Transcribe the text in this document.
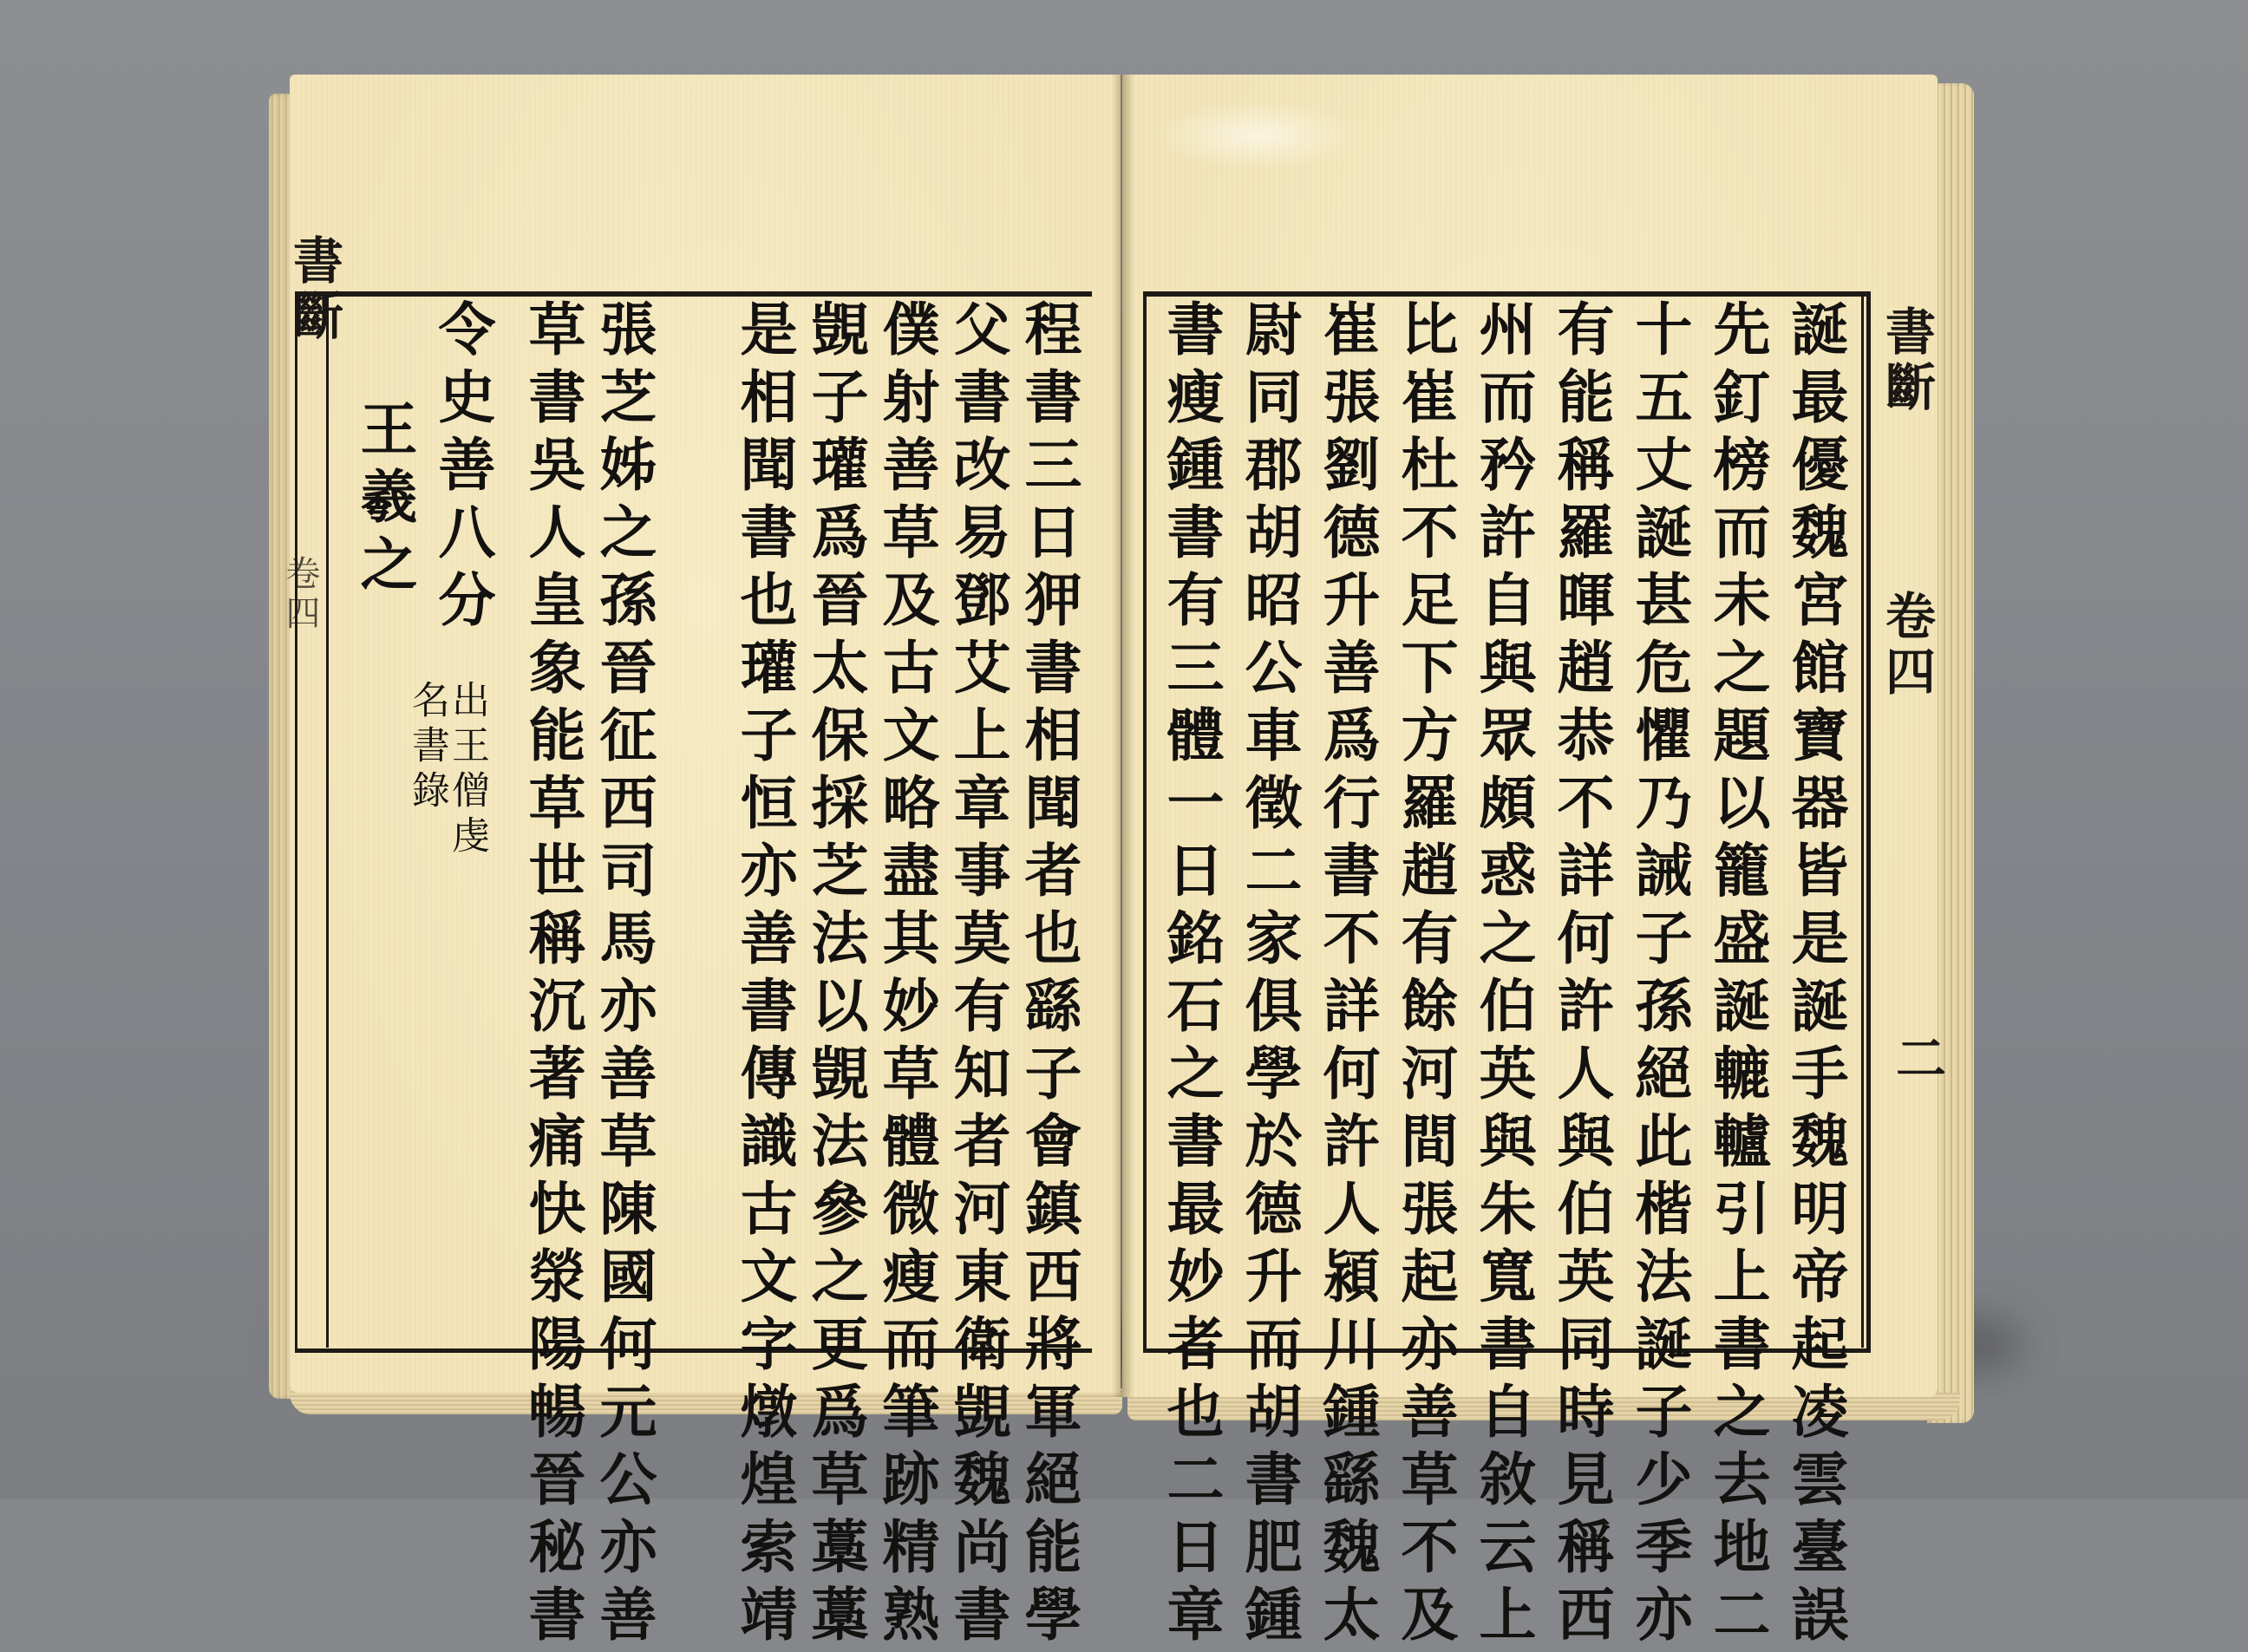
書斷
卷四	程書三日狎書相聞者也繇子會鎮西將軍絕能學
父書改易鄧艾上章事莫有知者河東衛覬魏尚書
僕射善草及古文略盡其妙草體微瘦而筆跡精熟
覬子瓘爲晉太保採芝法以覬法參之更爲草藁藁
是相聞書也瓘子恒亦善書傳識古文字燉煌索靖
張芝姊之孫晉征西司馬亦善草陳國何元公亦善
草書吳人皇象能草世稱沉著痛快滎陽暢晉秘書
令史善八分
出王僧虔
名書錄
王羲之
書斷
卷四
二
誕最優魏宮館寶器皆是誕手魏明帝起凌雲臺誤
先釘榜而未之題以籠盛誕轆轤引上書之去地二
十五丈誕甚危懼乃誡子孫絕此楷法誕子少季亦
有能稱羅暉趙恭不詳何許人與伯英同時見稱西
州而矜許自與眾頗惑之伯英與朱寬書自敘云上
比崔杜不足下方羅趙有餘河間張起亦善草不及
崔張劉德升善爲行書不詳何許人潁川鍾繇魏太
尉同郡胡昭公車徵二家俱學於德升而胡書肥鍾
書瘦鍾書有三體一日銘石之書最妙者也二日章
